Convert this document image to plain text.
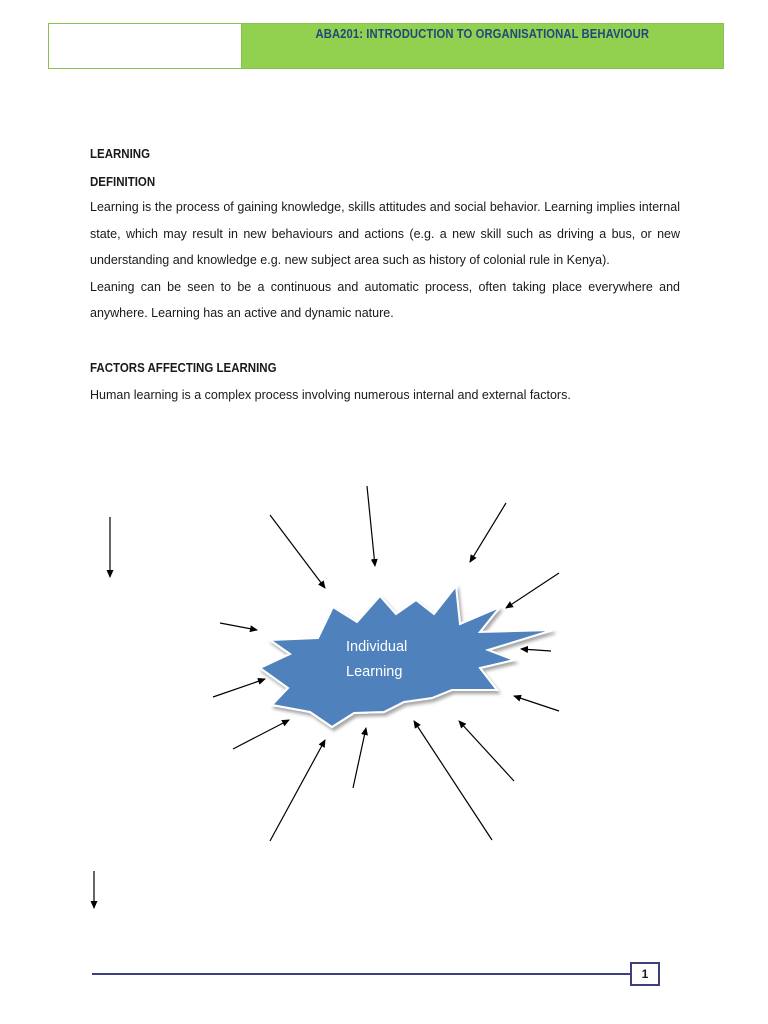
ABA201: INTRODUCTION TO ORGANISATIONAL BEHAVIOUR

LEARNING

DEFINITION

Learning is the process of gaining knowledge, skills attitudes and social behavior. Learning implies internal state, which may result in new behaviours and actions (e.g. a new skill such as driving a bus, or new understanding and knowledge e.g. new subject area such as history of colonial rule in Kenya).

Leaning can be seen to be a continuous and automatic process, often taking place everywhere and anywhere. Learning has an active and dynamic nature.

FACTORS AFFECTING LEARNING

Human learning is a complex process involving numerous internal and external factors.

Individual
Learning
1
